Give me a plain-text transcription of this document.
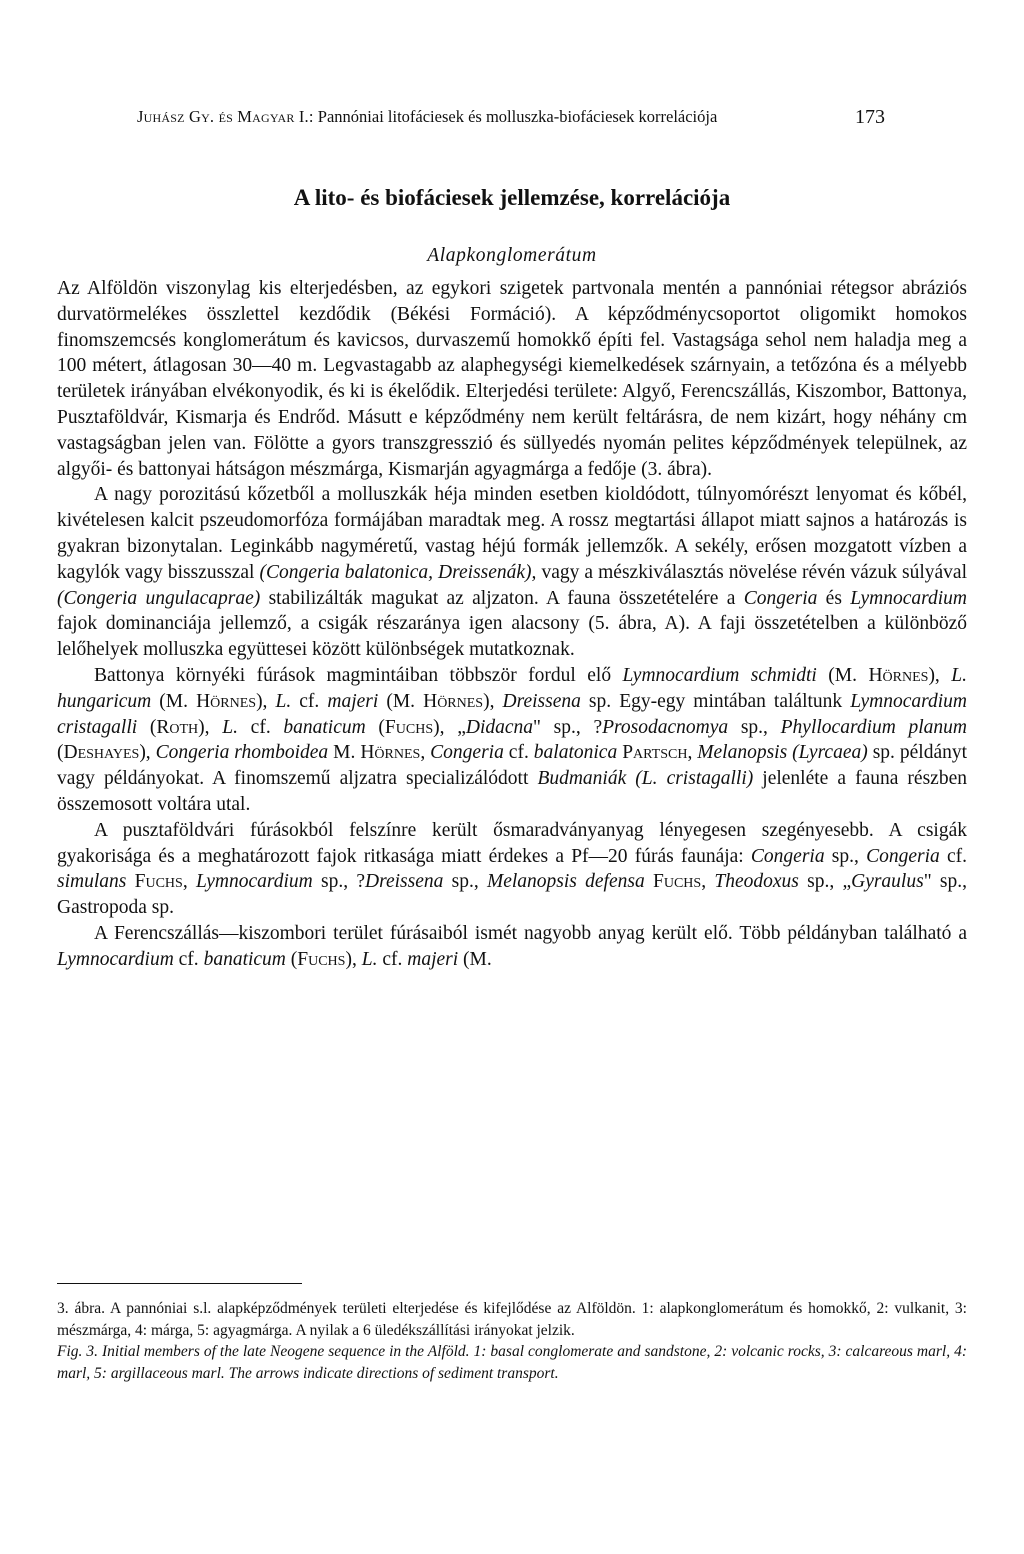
Juhász Gy. és Magyar I.: Pannóniai litofáciesek és molluszka-biofáciesek korrelációja	173
A lito- és biofáciesek jellemzése, korrelációja
Alapkonglomerátum

Az Alföldön viszonylag kis elterjedésben, az egykori szigetek partvonala mentén a pannóniai rétegsor abráziós durvatörmelékes összlettel kezdődik (Békési Formáció). A képződménycsoportot oligomikt homokos finomszemcsés konglomerátum és kavicsos, durvaszemű homokkő építi fel. Vastagsága sehol nem haladja meg a 100 métert, átlagosan 30—40 m. Legvastagabb az alaphegységi kiemelkedések szárnyain, a tetőzóna és a mélyebb területek irányában elvékonyodik, és ki is ékelődik. Elterjedési területe: Algyő, Ferencszállás, Kiszombor, Battonya, Pusztaföldvár, Kismarja és Endrőd. Másutt e képződmény nem került feltárásra, de nem kizárt, hogy néhány cm vastagságban jelen van. Fölötte a gyors transzgresszió és süllyedés nyomán pelites képződmények települnek, az algyői- és battonyai hátságon mészmárga, Kismarján agyagmárga a fedője (3. ábra).

A nagy porozitású kőzetből a molluszkák héja minden esetben kioldódott, túlnyomórészt lenyomat és kőbél, kivételesen kalcit pszeudomorfóza formájában maradtak meg. A rossz megtartási állapot miatt sajnos a határozás is gyakran bizonytalan. Leginkább nagyméretű, vastag héjú formák jellemzők. A sekély, erősen mozgatott vízben a kagylók vagy bisszusszal (Congeria balatonica, Dreissenák), vagy a mészkiválasztás növelése révén vázuk súlyával (Congeria ungulacaprae) stabilizálták magukat az aljzaton. A fauna összetételére a Congeria és Lymnocardium fajok dominanciája jellemző, a csigák részaránya igen alacsony (5. ábra, A). A faji összetételben a különböző lelőhelyek molluszka együttesei között különbségek mutatkoznak.

Battonya környéki fúrások magmintáiban többször fordul elő Lymnocardium schmidti (M. Hörnes), L. hungaricum (M. Hörnes), L. cf. majeri (M. Hörnes), Dreissena sp. Egy-egy mintában találtunk Lymnocardium cristagalli (Roth), L. cf. banaticum (Fuchs), „Didacna" sp., ?Prosodacnomya sp., Phyllocardium planum (Deshayes), Congeria rhomboidea M. Hörnes, Congeria cf. balatonica Partsch, Melanopsis (Lyrcaea) sp. példányt vagy példányokat. A finomszemű aljzatra specializálódott Budmaniák (L. cristagalli) jelenléte a fauna részben összemosott voltára utal.

A pusztaföldvári fúrásokból felszínre került ősmaradványanyag lényegesen szegényesebb. A csigák gyakorisága és a meghatározott fajok ritkasága miatt érdekes a Pf—20 fúrás faunája: Congeria sp., Congeria cf. simulans Fuchs, Lymnocardium sp., ?Dreissena sp., Melanopsis defensa Fuchs, Theodoxus sp., „Gyraulus" sp., Gastropoda sp.

A Ferencszállás—kiszombori terület fúrásaiból ismét nagyobb anyag került elő. Több példányban található a Lymnocardium cf. banaticum (Fuchs), L. cf. majeri (M.

3. ábra. A pannóniai s.l. alapképződmények területi elterjedése és kifejlődése az Alföldön. 1: alapkonglomerátum és homokkő, 2: vulkanit, 3: mészmárga, 4: márga, 5: agyagmárga. A nyilak a 6 üledékszállítási irányokat jelzik.

Fig. 3. Initial members of the late Neogene sequence in the Alföld. 1: basal conglomerate and sandstone, 2: volcanic rocks, 3: calcareous marl, 4: marl, 5: argillaceous marl. The arrows indicate directions of sediment transport.
